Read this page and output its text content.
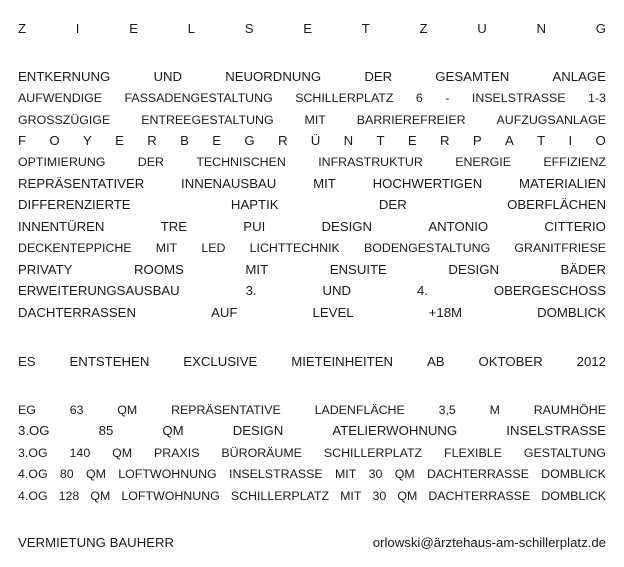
Z	I	E	L	S	E	T	Z	U	N	G
ENTKERNUNG	UND	NEUORDNUNG	DER	GESAMTEN	ANLAGE
AUFWENDIGE FASSADENGESTALTUNG SCHILLERPLATZ 6 - INSELSTRASSE 1-3
GROSSZÜGIGE ENTREEGESTALTUNG MIT BARRIEREFREIER AUFZUGSANLAGE
F O Y E R B E G R Ü N T E R P A T I O
OPTIMIERUNG	DER	TECHNISCHEN	INFRASTRUKTUR	ENERGIE	EFFIZIENZ
REPRÄSENTATIVER	INNENAUSBAU	MIT	HOCHWERTIGEN	MATERIALIEN
DIFFERENZIERTE	HAPTIK	DER	OBERFLÄCHEN
INNENTÜREN	TRE	PUI	DESIGN	ANTONIO	CITTERIO
DECKENTEPPICHE MIT LED LICHTTECHNIK BODENGESTALTUNG GRANITFRIESE
PRIVATY	ROOMS	MIT	ENSUITE	DESIGN	BÄDER
ERWEITERUNGSAUSBAU	3.	UND	4.	OBERGESCHOSS
DACHTERRASSEN	AUF	LEVEL	+18M	DOMBLICK
ES	ENTSTEHEN	EXCLUSIVE	MIETEINHEITEN	AB	OKTOBER	2012
EG	63	QM	REPRÄSENTATIVE	LADENFLÄCHE	3,5	M	RAUMHÖHE
3.OG	85	QM	DESIGN	ATELIERWOHNUNG	INSELSTRASSE
3.OG 140 QM PRAXIS BÜRORÄUME SCHILLERPLATZ FLEXIBLE GESTALTUNG
4.OG 80 QM LOFTWOHNUNG INSELSTRASSE MIT 30 QM DACHTERRASSE DOMBLICK
4.OG 128 QM LOFTWOHNUNG SCHILLERPLATZ MIT 30 QM DACHTERRASSE DOMBLICK
VERMIETUNG BAUHERR	orlowski@ärztehaus-am-schillerplatz.de
